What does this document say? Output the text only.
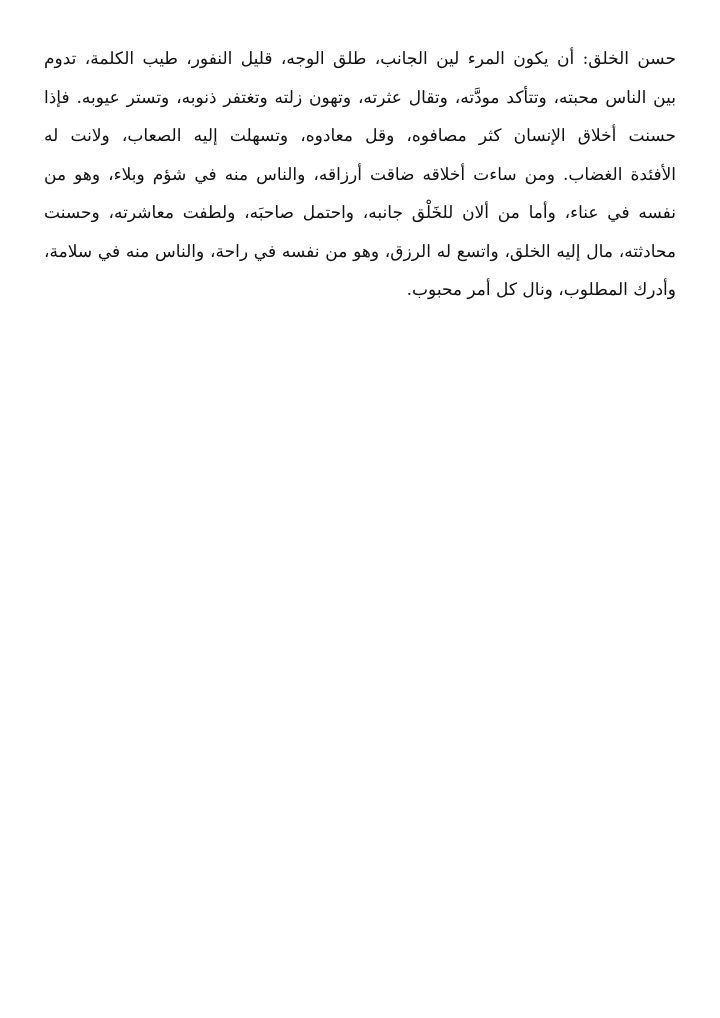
حسن الخلق: أن يكون المرء لين الجانب، طلق الوجه، قليل النفور، طيب الكلمة، تدوم
بين الناس محبته، وتتأكد مودَّته، وتقال عثرته، وتهون زلته وتغتفر ذنوبه، وتستر عيوبه. فإذا
حسنت أخلاق الإنسان كثر مصافوه، وقل معادوه، وتسهلت إليه الصعاب، ولانت له
الأفئدة الغضاب. ومن ساءت أخلاقه ضاقت أرزاقه، والناس منه في شؤم وبلاء، وهو من
نفسه في عناء، وأما من ألان للخَلْق جانبه، واحتمل صاحبَه، ولطفت معاشرته، وحسنت
محادثته، مال إليه الخلق، واتسع له الرزق، وهو من نفسه في راحة، والناس منه في سلامة،
وأدرك المطلوب، ونال كل أمر محبوب.
